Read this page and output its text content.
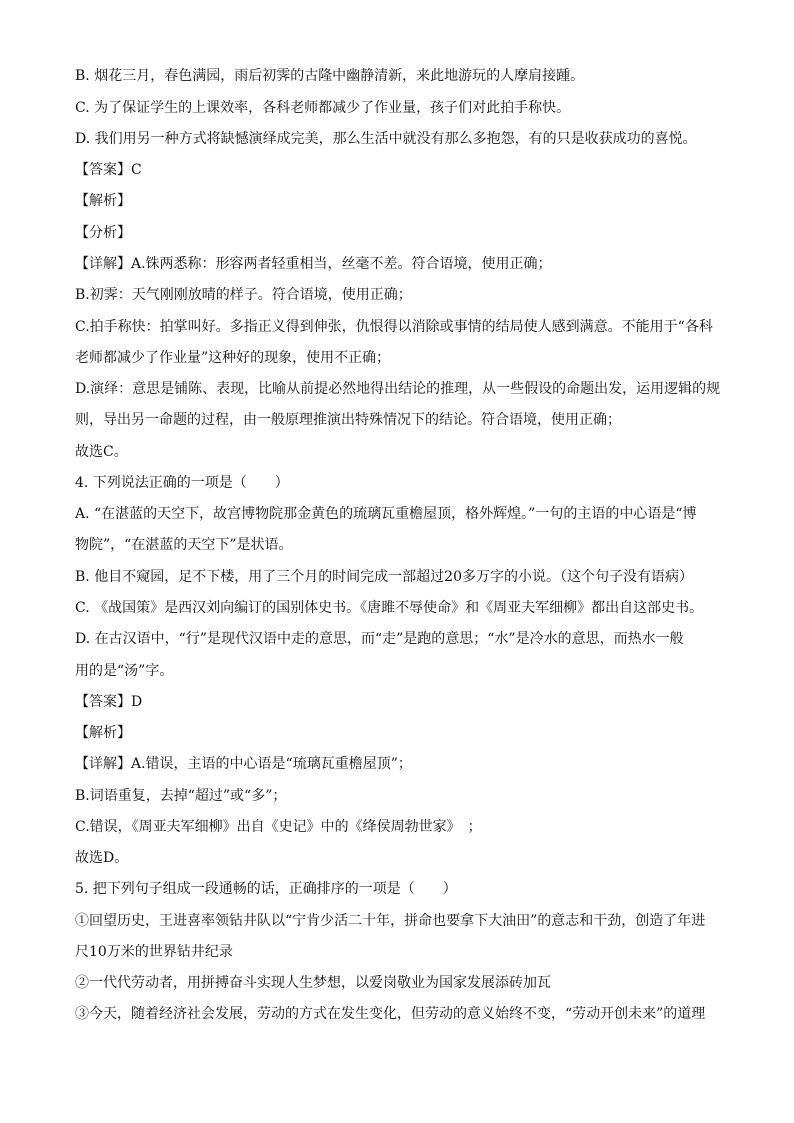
B. 烟花三月，春色满园，雨后初霁的古隆中幽静清新，来此地游玩的人摩肩接踵。
C. 为了保证学生的上课效率，各科老师都减少了作业量，孩子们对此拍手称快。
D. 我们用另一种方式将缺憾演绎成完美，那么生活中就没有那么多抱怨，有的只是收获成功的喜悦。
【答案】C
【解析】
【分析】
【详解】A.铢两悉称：形容两者轻重相当，丝毫不差。符合语境，使用正确；
B.初霁：天气刚刚放晴的样子。符合语境，使用正确；
C.拍手称快：拍掌叫好。多指正义得到伸张，仇恨得以消除或事情的结局使人感到满意。不能用于“各科
老师都减少了作业量”这种好的现象，使用不正确；
D.演绎：意思是铺陈、表现，比喻从前提必然地得出结论的推理，从一些假设的命题出发，运用逻辑的规
则，导出另一命题的过程，由一般原理推演出特殊情况下的结论。符合语境，使用正确；
故选C。
4. 下列说法正确的一项是（　　）
A. “在湛蓝的天空下，故宫博物院那金黄色的琉璃瓦重檐屋顶，格外辉煌。”一句的主语的中心语是“博
物院”，“在湛蓝的天空下”是状语。
B. 他目不窥园，足不下楼，用了三个月的时间完成一部超过20多万字的小说。（这个句子没有语病）
C. 《战国策》是西汉刘向编订的国别体史书。《唐雎不辱使命》和《周亚夫军细柳》都出自这部史书。
D. 在古汉语中，“行”是现代汉语中走的意思，而“走”是跑的意思；“水”是冷水的意思，而热水一般
用的是“汤”字。
【答案】D
【解析】
【详解】A.错误，主语的中心语是“琉璃瓦重檐屋顶”；
B.词语重复，去掉“超过”或“多”；
C.错误，《周亚夫军细柳》出自《史记》中的《绛侯周勃世家》　；
故选D。
5. 把下列句子组成一段通畅的话，正确排序的一项是（　　）
①回望历史，王进喜率领钻井队以“宁肯少活二十年，拼命也要拿下大油田”的意志和干劲，创造了年进
尺10万米的世界钻井纪录
②一代代劳动者，用拼搏奋斗实现人生梦想，以爱岗敬业为国家发展添砖加瓦
③今天，随着经济社会发展，劳动的方式在发生变化，但劳动的意义始终不变，“劳动开创未来”的道理
